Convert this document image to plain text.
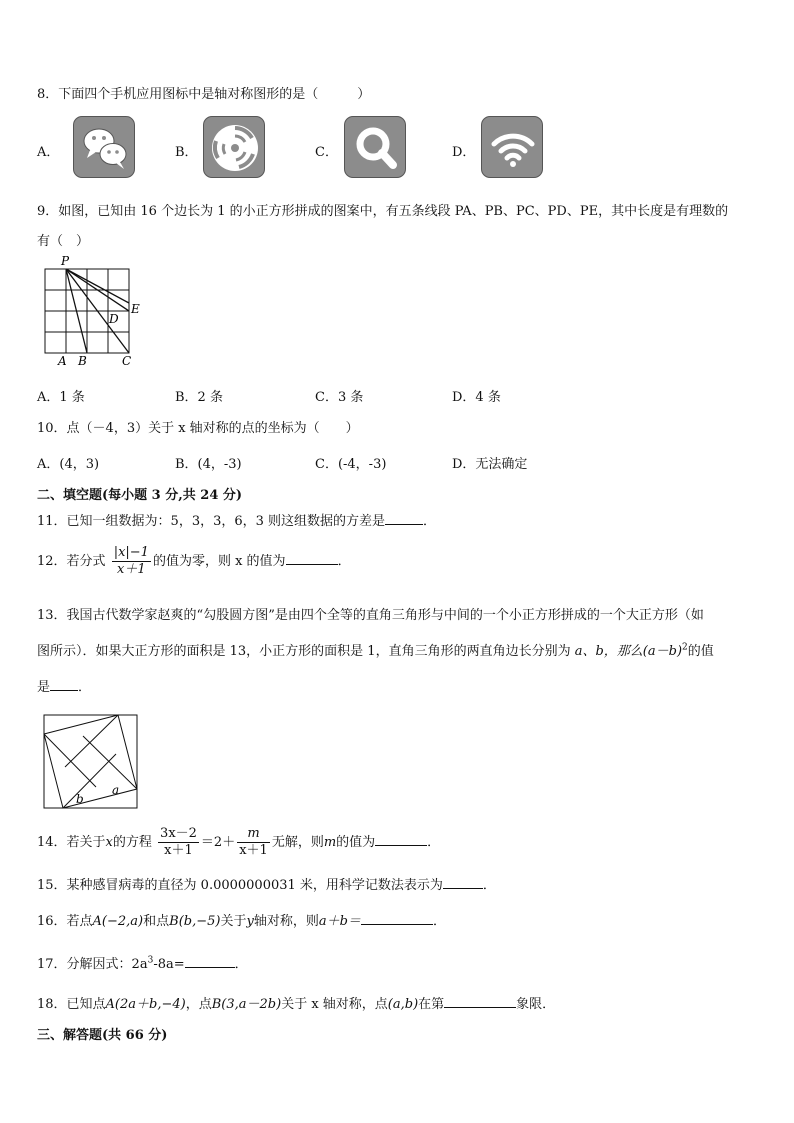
8．下面四个手机应用图标中是轴对称图形的是（　　　）
A．	B．	C．	D．
9．如图，已知由 16 个边长为 1 的小正方形拼成的图案中，有五条线段 PA、PB、PC、PD、PE，其中长度是有理数的
有（　）
P
A B	C
D
E
A．1 条	B．2 条	C．3 条	D．4 条
10．点（－4，3）关于 x 轴对称的点的坐标为（　　）
A．(4，3)	B．(4，-3)	C．(-4，-3)	D．无法确定
二、填空题(每小题 3 分,共 24 分)
11．已知一组数据为：5，3，3，6，3 则这组数据的方差是	．
12．若分式 $\frac{|x|-1}{x+1}$ 的值为零，则 x 的值为	．
13．我国古代数学家赵爽的“勾股圆方图”是由四个全等的直角三角形与中间的一个小正方形拼成的一个大正方形（如
图所示）．如果大正方形的面积是 13，小正方形的面积是 1，直角三角形的两直角边长分别为 a、b，那么$(a-b)^2$的值
是 ．
b
a
14．若关于x的方程 $\frac{3x-2}{x+1} =2+ \frac{m}{x+1}$ 无解，则m的值为	．
15．某种感冒病毒的直径为 0.0000000031 米，用科学记数法表示为	．
16．若点A(−2,a)和点B(b,−5)关于y轴对称，则a＋b＝	．
17．分解因式：$2a^3-8a=$	．
18．已知点A(2a＋b,−4)，点B(3,a－2b)关于 x 轴对称，点(a,b)在第	象限．
三、解答题(共 66 分)
